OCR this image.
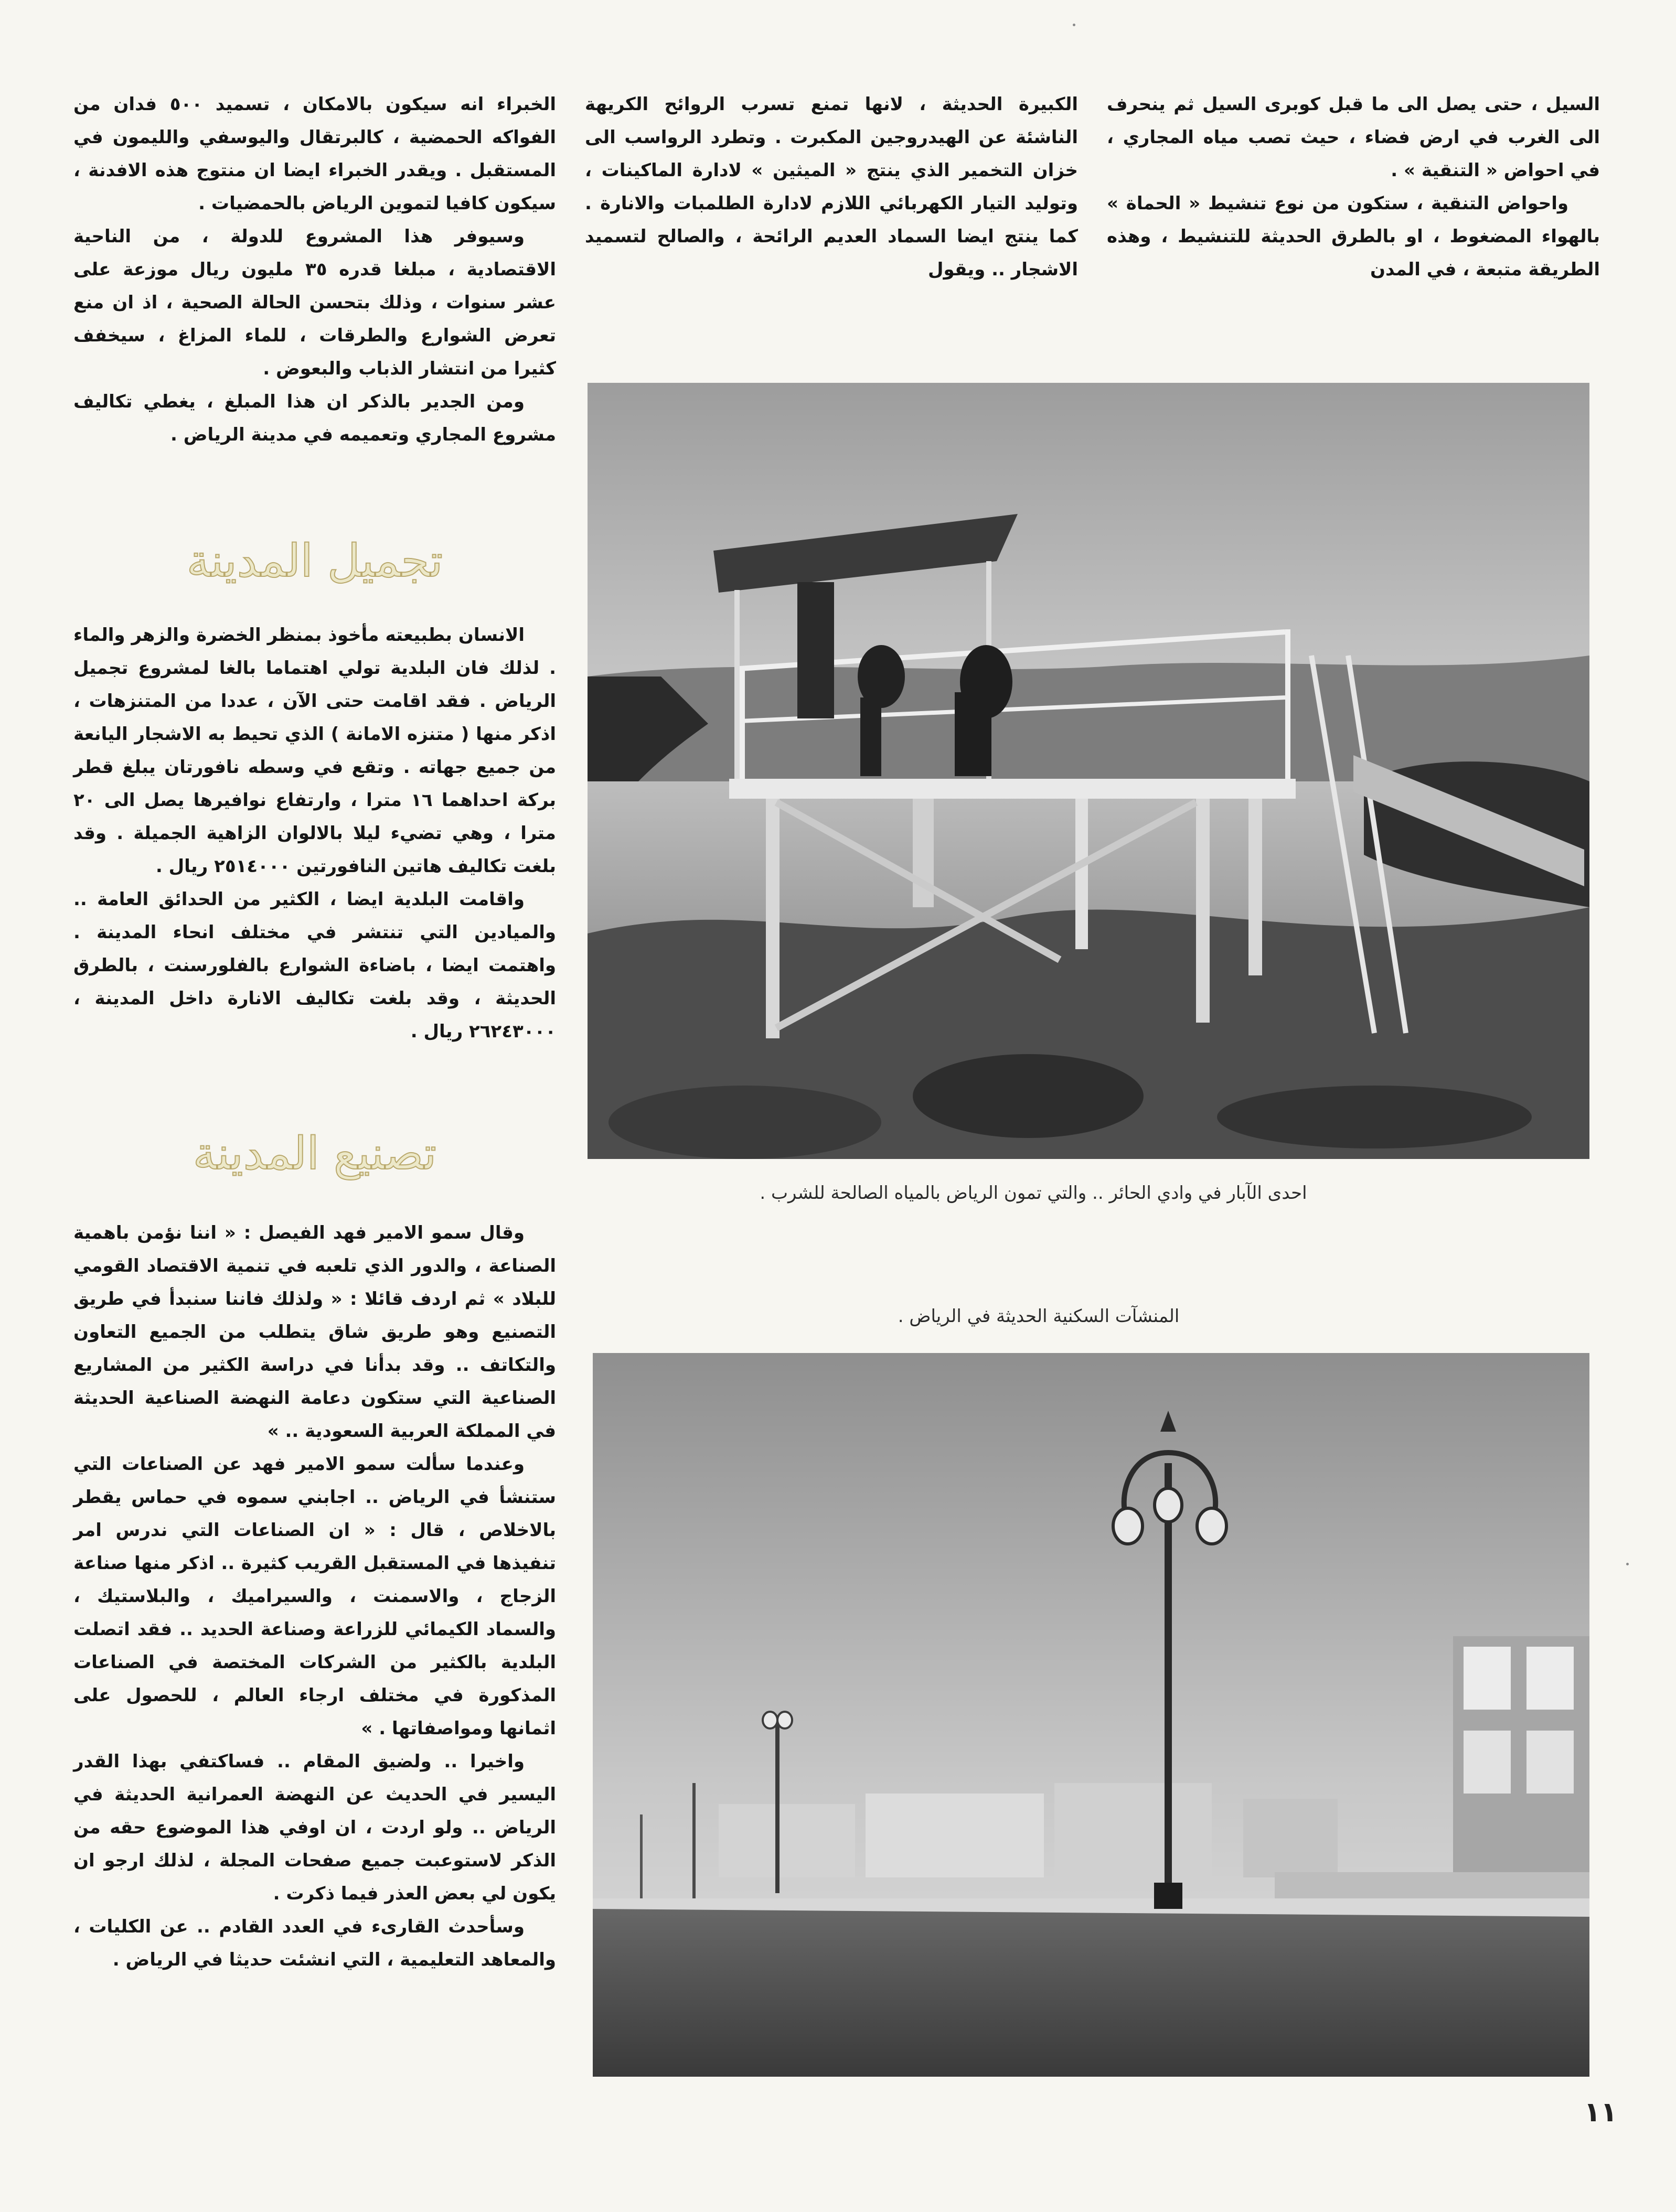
السيل ، حتى يصل الى ما قبل كوبرى السيل ثم ينحرف الى الغرب في ارض فضاء ، حيث تصب مياه المجاري ، في احواض « التنقية » .

واحواض التنقية ، ستكون من نوع تنشيط « الحماة » بالهواء المضغوط ، او بالطرق الحديثة للتنشيط ، وهذه الطريقة متبعة ، في المدن

الكبيرة الحديثة ، لانها تمنع تسرب الروائح الكريهة الناشئة عن الهيدروجين المكبرت . وتطرد الرواسب الى خزان التخمير الذي ينتج « الميثين » لادارة الماكينات ، وتوليد التيار الكهربائي اللازم لادارة الطلمبات والانارة . كما ينتج ايضا السماد العديم الرائحة ، والصالح لتسميد الاشجار .. ويقول

الخبراء انه سيكون بالامكان ، تسميد ٥٠٠ فدان من الفواكه الحمضية ، كالبرتقال واليوسفي والليمون في المستقبل . ويقدر الخبراء ايضا ان منتوج هذه الافدنة ، سيكون كافيا لتموين الرياض بالحمضيات .

وسيوفر هذا المشروع للدولة ، من الناحية الاقتصادية ، مبلغا قدره ٣٥ مليون ريال موزعة على عشر سنوات ، وذلك بتحسن الحالة الصحية ، اذ ان منع تعرض الشوارع والطرقات ، للماء المزاغ ، سيخفف كثيرا من انتشار الذباب والبعوض .

ومن الجدير بالذكر ان هذا المبلغ ، يغطي تكاليف مشروع المجاري وتعميمه في مدينة الرياض .

تجميل المدينة

الانسان بطبيعته مأخوذ بمنظر الخضرة والزهر والماء . لذلك فان البلدية تولي اهتماما بالغا لمشروع تجميل الرياض . فقد اقامت حتى الآن ، عددا من المتنزهات ، اذكر منها ( متنزه الامانة ) الذي تحيط به الاشجار اليانعة من جميع جهاته . وتقع في وسطه نافورتان يبلغ قطر بركة احداهما ١٦ مترا ، وارتفاع نوافيرها يصل الى ٢٠ مترا ، وهي تضيء ليلا بالالوان الزاهية الجميلة . وقد بلغت تكاليف هاتين النافورتين ٢٥١٤٠٠٠ ريال .

واقامت البلدية ايضا ، الكثير من الحدائق العامة .. والميادين التي تنتشر في مختلف انحاء المدينة . واهتمت ايضا ، باضاءة الشوارع بالفلورسنت ، بالطرق الحديثة ، وقد بلغت تكاليف الانارة داخل المدينة ، ٢٦٢٤٣٠٠٠ ريال .

تصنيع المدينة

وقال سمو الامير فهد الفيصل : « اننا نؤمن باهمية الصناعة ، والدور الذي تلعبه في تنمية الاقتصاد القومي للبلاد » ثم اردف قائلا : « ولذلك فاننا سنبدأ في طريق التصنيع وهو طريق شاق يتطلب من الجميع التعاون والتكاتف .. وقد بدأنا في دراسة الكثير من المشاريع الصناعية التي ستكون دعامة النهضة الصناعية الحديثة في المملكة العربية السعودية .. »

وعندما سألت سمو الامير فهد عن الصناعات التي ستنشأ في الرياض .. اجابني سموه في حماس يقطر بالاخلاص ، قال : « ان الصناعات التي ندرس امر تنفيذها في المستقبل القريب كثيرة .. اذكر منها صناعة الزجاج ، والاسمنت ، والسيراميك ، والبلاستيك ، والسماد الكيمائي للزراعة وصناعة الحديد .. فقد اتصلت البلدية بالكثير من الشركات المختصة في الصناعات المذكورة في مختلف ارجاء العالم ، للحصول على اثمانها ومواصفاتها . »

واخيرا .. ولضيق المقام .. فساكتفي بهذا القدر اليسير في الحديث عن النهضة العمرانية الحديثة في الرياض .. ولو اردت ، ان اوفي هذا الموضوع حقه من الذكر لاستوعبت جميع صفحات المجلة ، لذلك ارجو ان يكون لي بعض العذر فيما ذكرت .

وسأحدث القارىء في العدد القادم .. عن الكليات ، والمعاهد التعليمية ، التي انشئت حديثا في الرياض .

احدى الآبار في وادي الحائر .. والتي تمون الرياض بالمياه الصالحة للشرب .
المنشآت السكنية الحديثة في الرياض .
١١
